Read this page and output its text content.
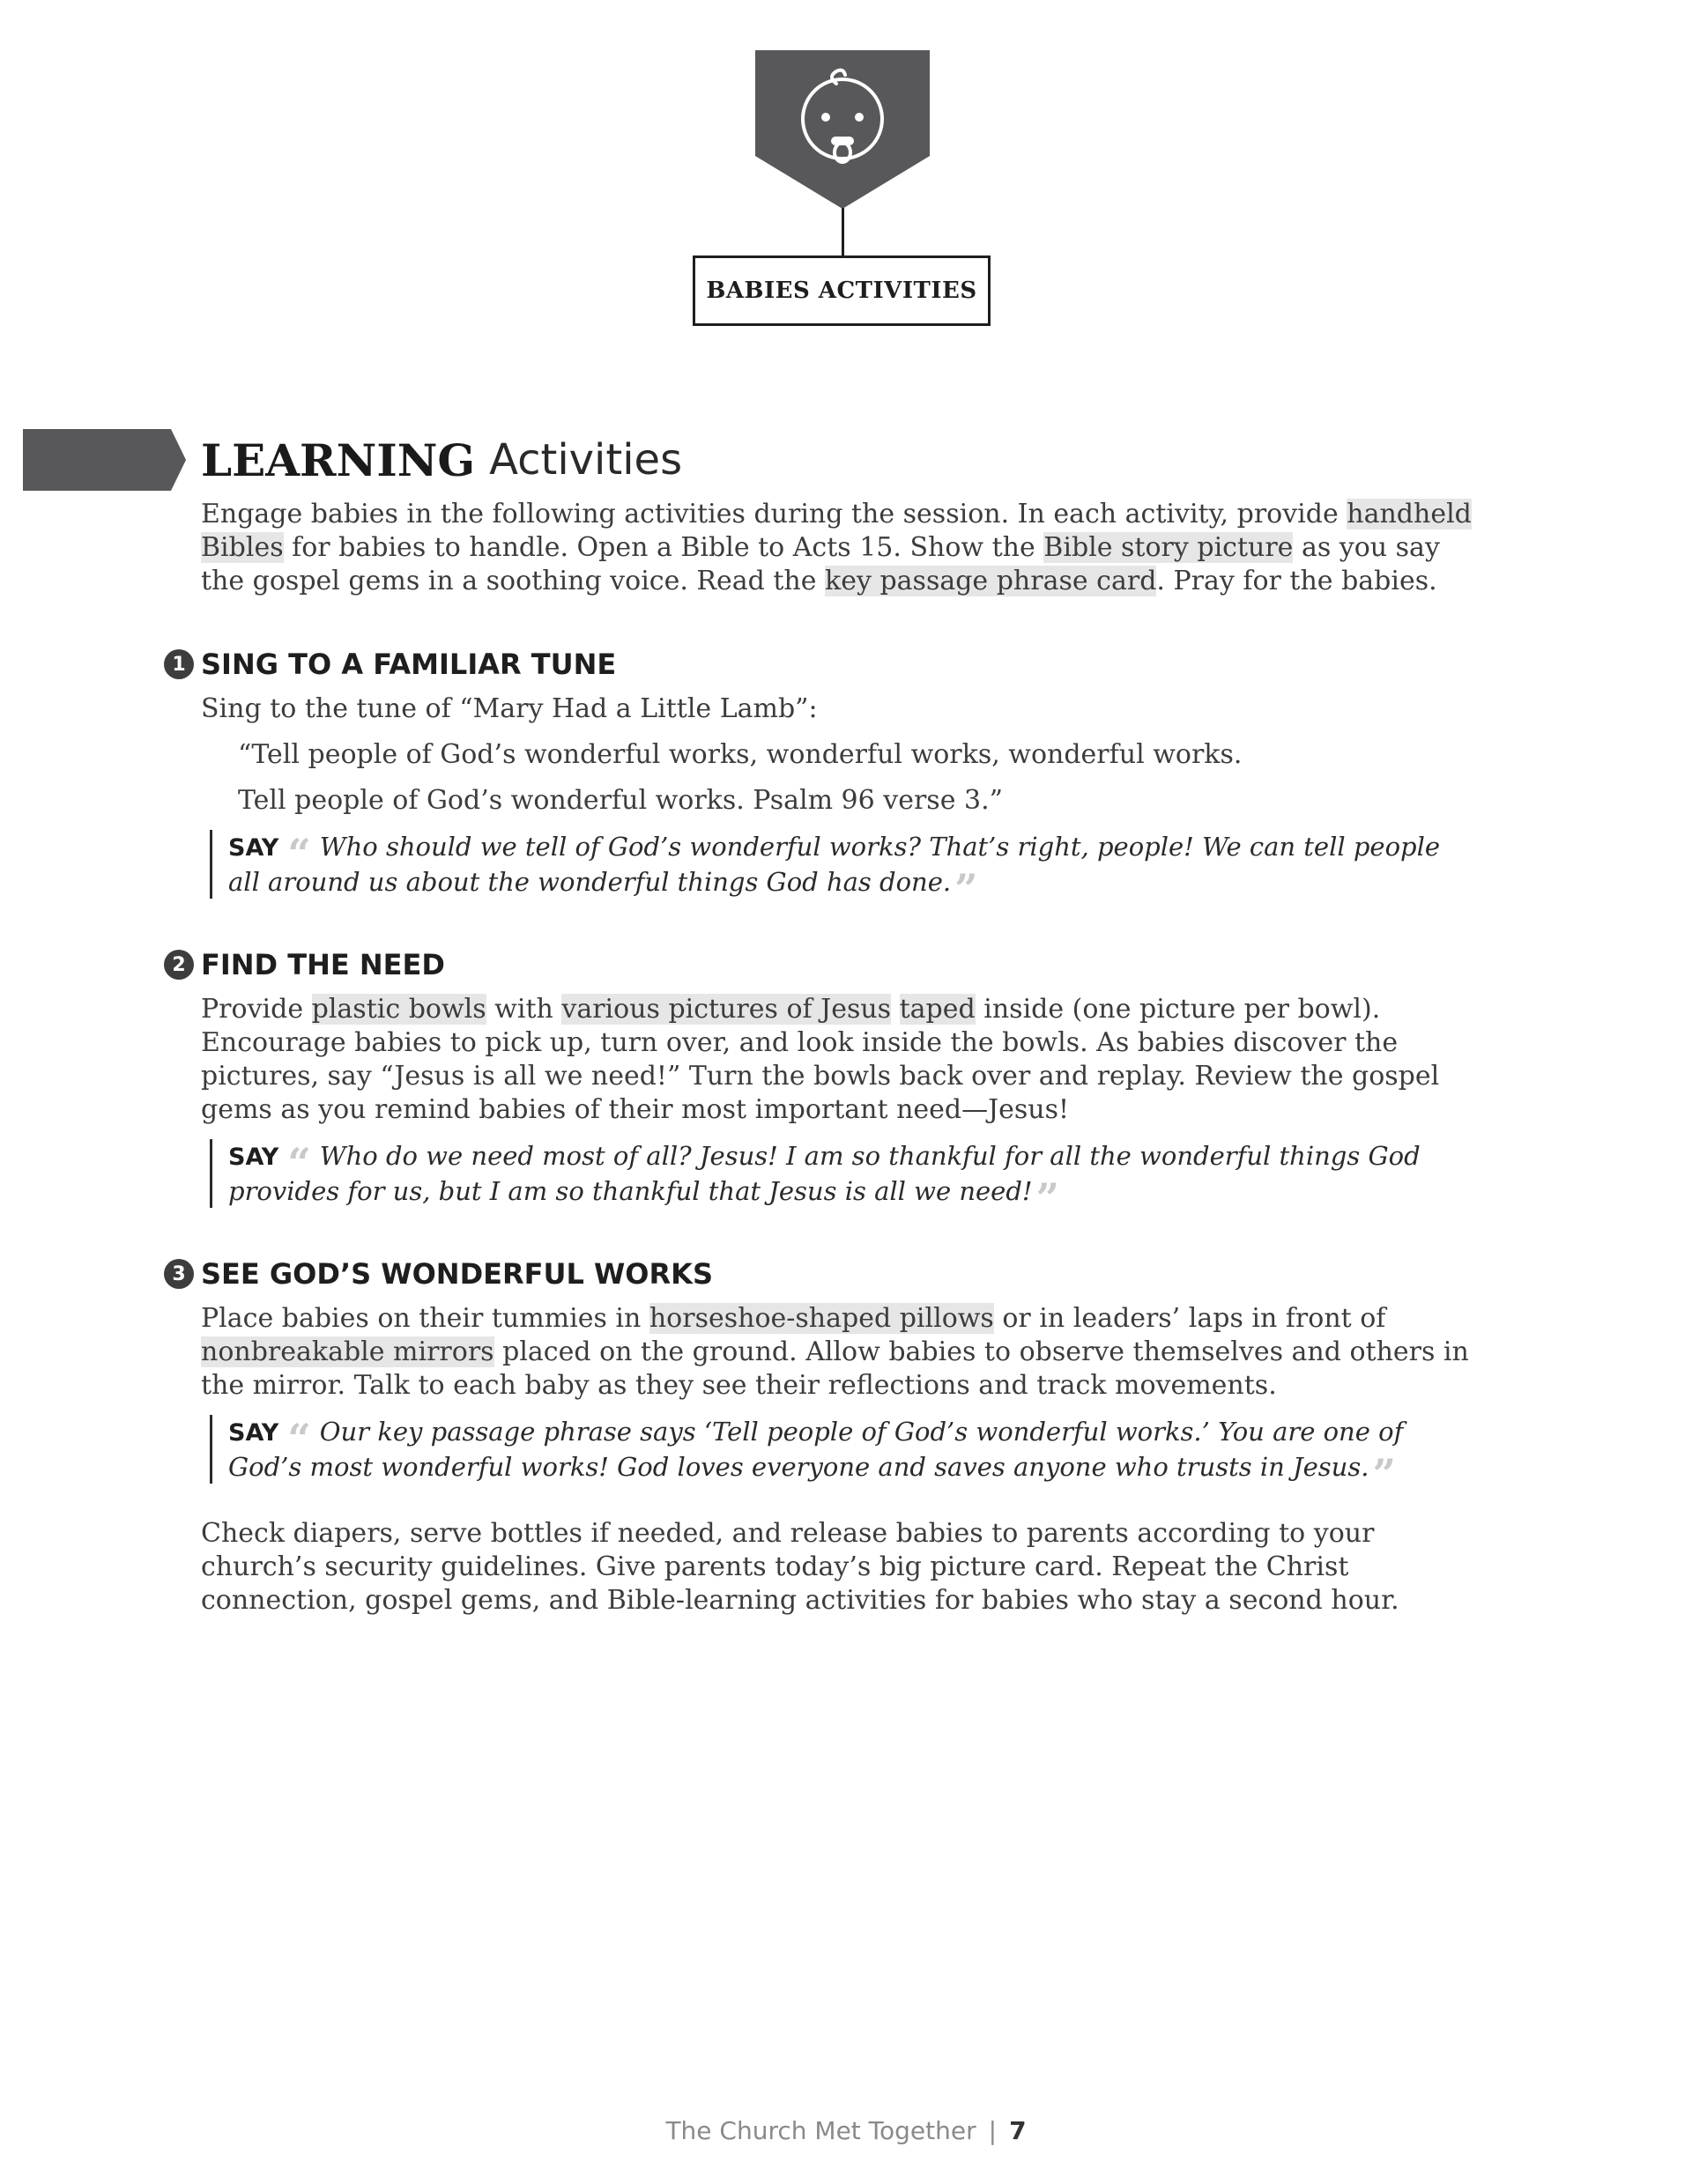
BABIES ACTIVITIES
LEARNING Activities

Engage babies in the following activities during the session. In each activity, provide handheld Bibles for babies to handle. Open a Bible to Acts 15. Show the Bible story picture as you say the gospel gems in a soothing voice. Read the key passage phrase card. Pray for the babies.

1 SING TO A FAMILIAR TUNE

Sing to the tune of “Mary Had a Little Lamb”:

“Tell people of God’s wonderful works, wonderful works, wonderful works.

Tell people of God’s wonderful works. Psalm 96 verse 3.”

SAY “ Who should we tell of God’s wonderful works? That’s right, people! We can tell people all around us about the wonderful things God has done.”
2 FIND THE NEED

Provide plastic bowls with various pictures of Jesus taped inside (one picture per bowl). Encourage babies to pick up, turn over, and look inside the bowls. As babies discover the pictures, say “Jesus is all we need!” Turn the bowls back over and replay. Review the gospel gems as you remind babies of their most important need—Jesus!

SAY “ Who do we need most of all? Jesus! I am so thankful for all the wonderful things God provides for us, but I am so thankful that Jesus is all we need!”
3 SEE GOD’S WONDERFUL WORKS

Place babies on their tummies in horseshoe-shaped pillows or in leaders’ laps in front of nonbreakable mirrors placed on the ground. Allow babies to observe themselves and others in the mirror. Talk to each baby as they see their reflections and track movements.

SAY “ Our key passage phrase says ‘Tell people of God’s wonderful works.’ You are one of God’s most wonderful works! God loves everyone and saves anyone who trusts in Jesus.”

Check diapers, serve bottles if needed, and release babies to parents according to your church’s security guidelines. Give parents today’s big picture card. Repeat the Christ connection, gospel gems, and Bible-learning activities for babies who stay a second hour.

The Church Met Together | 7
